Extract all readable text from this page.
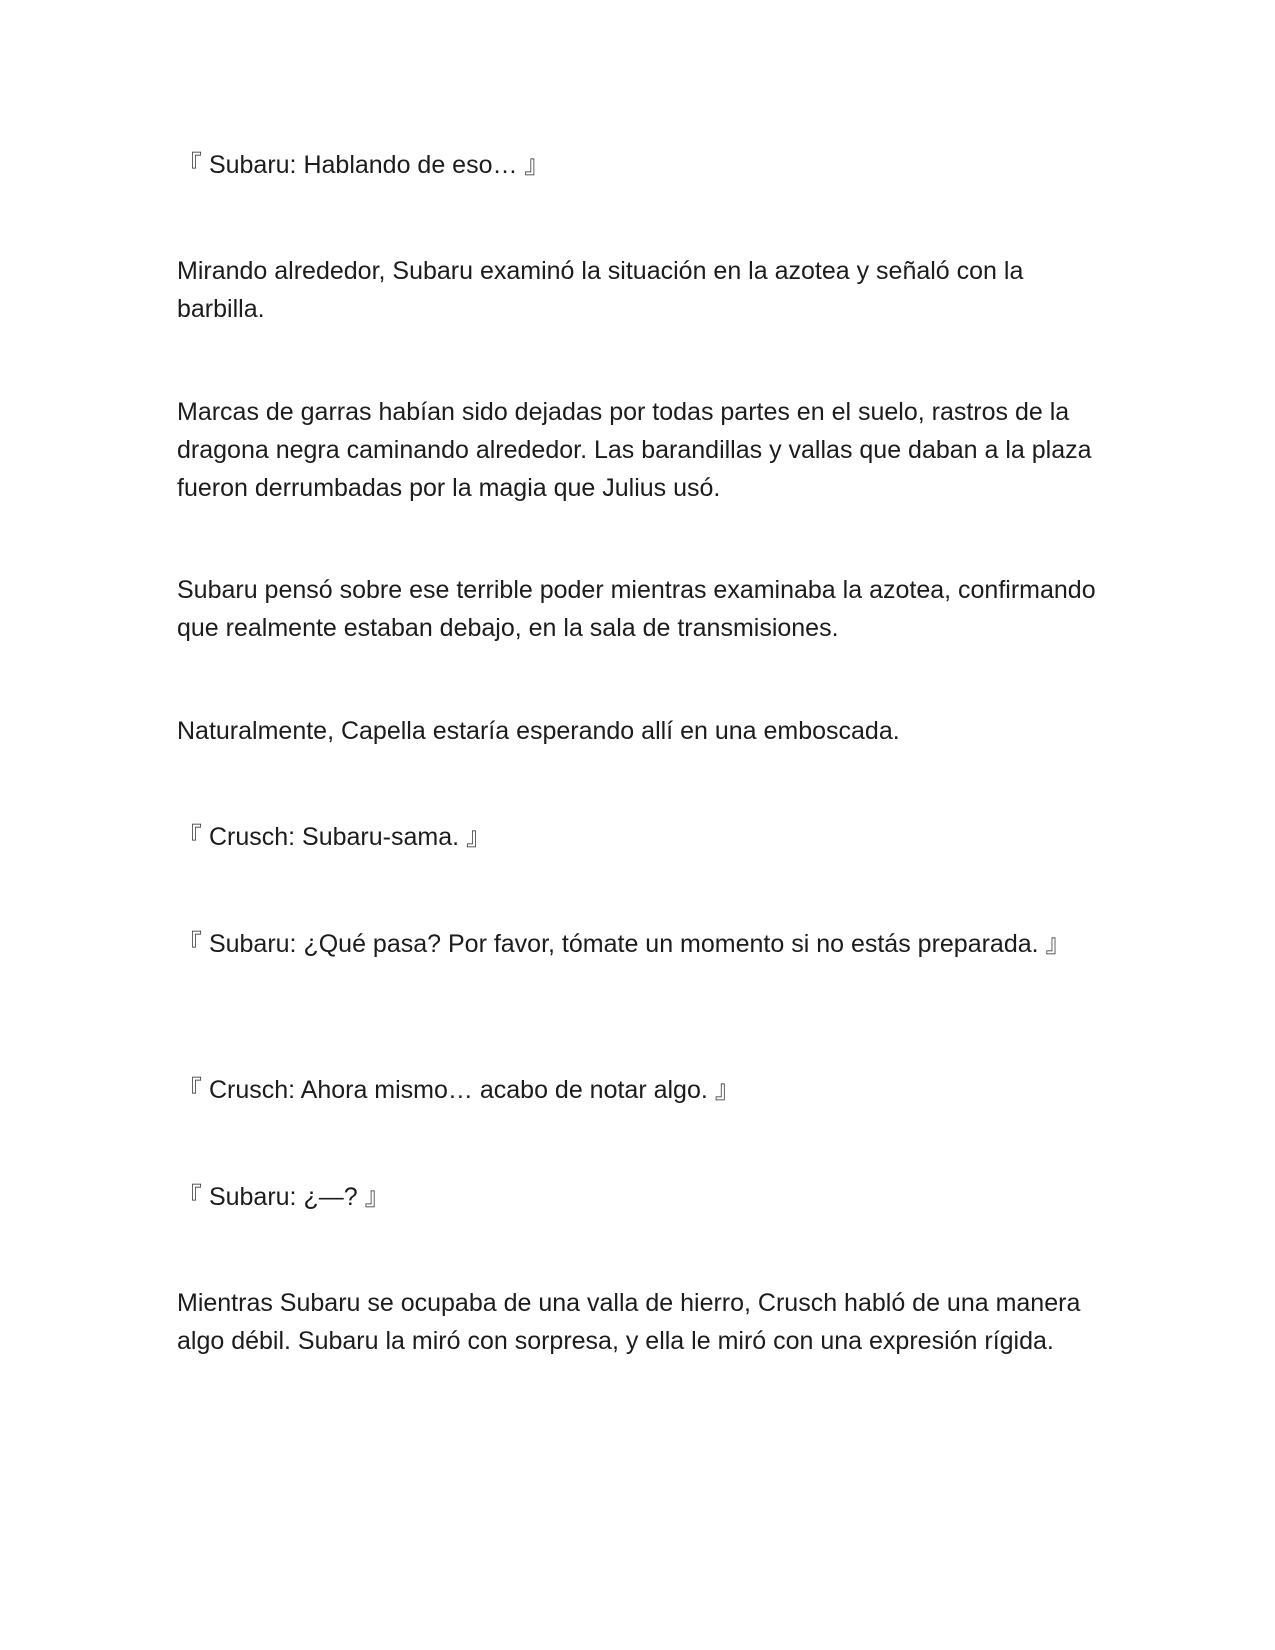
『 Subaru: Hablando de eso… 』

Mirando alrededor, Subaru examinó la situación en la azotea y señaló con la barbilla.

Marcas de garras habían sido dejadas por todas partes en el suelo, rastros de la dragona negra caminando alrededor. Las barandillas y vallas que daban a la plaza fueron derrumbadas por la magia que Julius usó.

Subaru pensó sobre ese terrible poder mientras examinaba la azotea, confirmando que realmente estaban debajo, en la sala de transmisiones.

Naturalmente, Capella estaría esperando allí en una emboscada.

『 Crusch: Subaru-sama. 』

『 Subaru: ¿Qué pasa? Por favor, tómate un momento si no estás preparada. 』

『 Crusch: Ahora mismo… acabo de notar algo. 』

『 Subaru: ¿—? 』

Mientras Subaru se ocupaba de una valla de hierro, Crusch habló de una manera algo débil. Subaru la miró con sorpresa, y ella le miró con una expresión rígida.
